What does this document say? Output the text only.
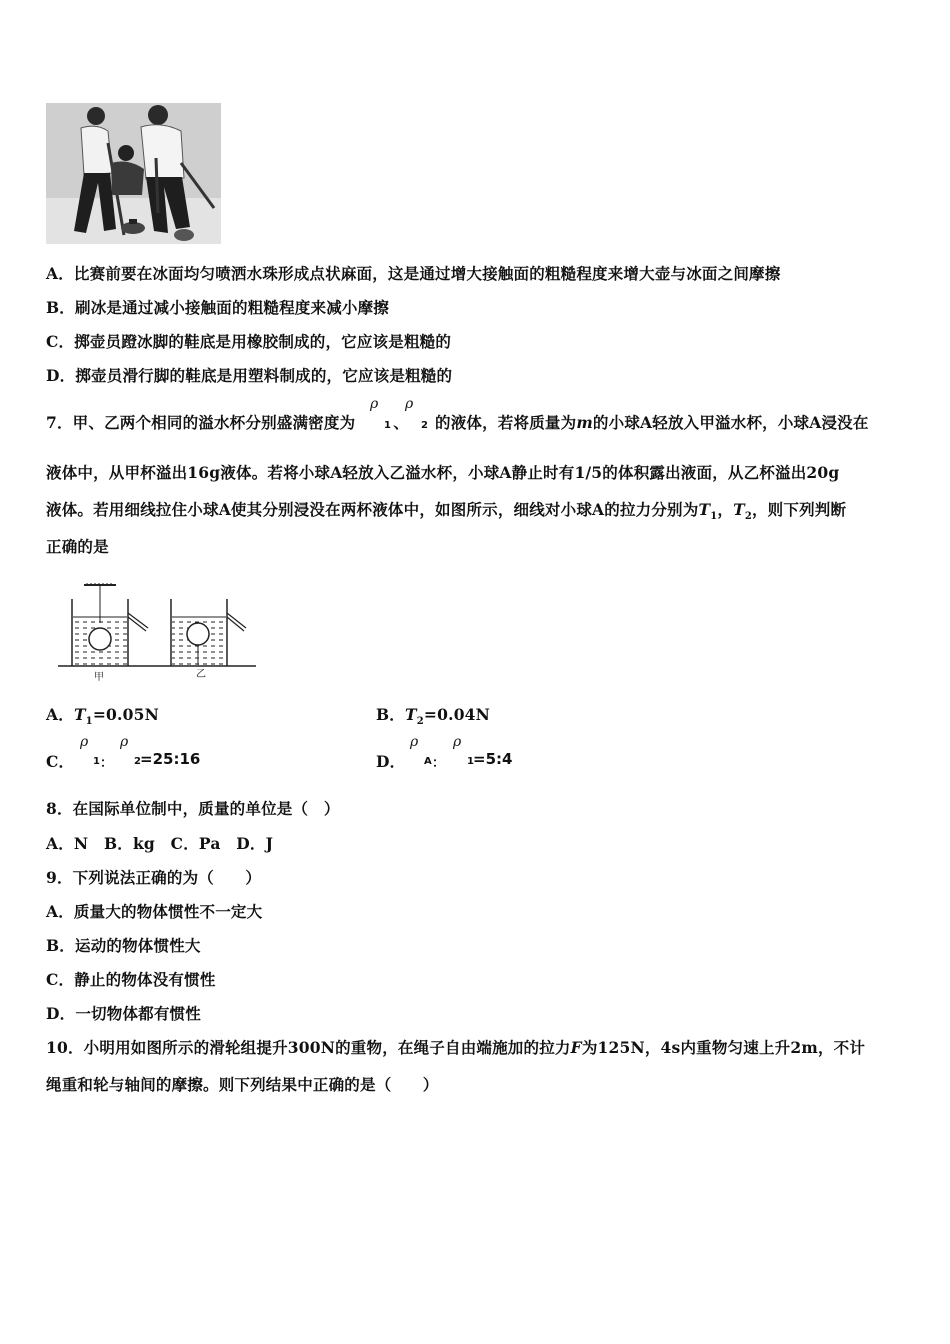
A．比赛前要在冰面均匀喷洒水珠形成点状麻面，这是通过增大接触面的粗糙程度来增大壶与冰面之间摩擦
B．刷冰是通过减小接触面的粗糙程度来减小摩擦
C．掷壶员蹬冰脚的鞋底是用橡胶制成的，它应该是粗糙的
D．掷壶员滑行脚的鞋底是用塑料制成的，它应该是粗糙的
7．甲、乙两个相同的溢水杯分别盛满密度为 、 的液体，若将质量为m的小球A轻放入甲溢水杯，小球A浸没在
ρ
1
ρ
2
液体中，从甲杯溢出16g液体。若将小球A轻放入乙溢水杯，小球A静止时有1/5的体积露出液面，从乙杯溢出20g
液体。若用细线拉住小球A使其分别浸没在两杯液体中，如图所示，细线对小球A的拉力分别为$T_1$，$T_2$，则下列判断
正确的是
甲	乙
A．$T_1=0.05N$	B．$T_2=0.04N$
C．
ρ
1 ：
ρ
2 =25:16	D．
ρ
A ：
ρ
1 =5:4
8．在国际单位制中，质量的单位是（　）
A．N　B．kg　C．Pa　D．J
9．下列说法正确的为（　　）
A．质量大的物体惯性不一定大
B．运动的物体惯性大
C．静止的物体没有惯性
D．一切物体都有惯性
10．小明用如图所示的滑轮组提升300N的重物，在绳子自由端施加的拉力F为125N，4s内重物匀速上升2m，不计
绳重和轮与轴间的摩擦。则下列结果中正确的是（　　）
